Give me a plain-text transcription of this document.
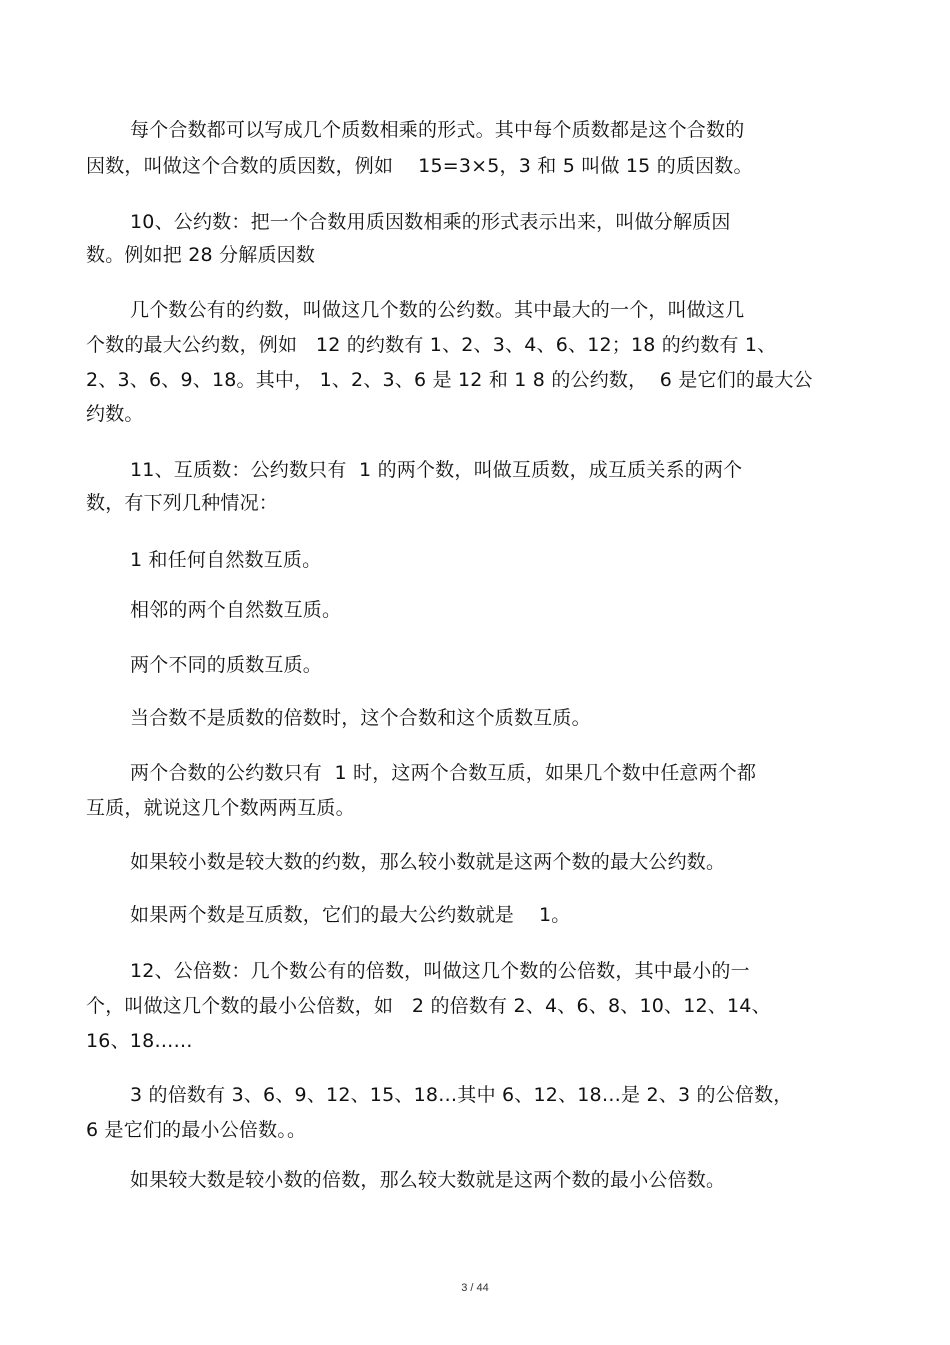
每个合数都可以写成几个质数相乘的形式。其中每个质数都是这个合数的
因数，叫做这个合数的质因数，例如    15=3×5，3 和 5 叫做 15 的质因数。
10、公约数：把一个合数用质因数相乘的形式表示出来，叫做分解质因
数。例如把 28 分解质因数
几个数公有的约数，叫做这几个数的公约数。其中最大的一个，叫做这几
个数的最大公约数，例如   12 的约数有 1、2、3、4、6、12；18 的约数有 1、
2、3、6、9、18。其中， 1、2、3、6 是 12 和 1 8 的公约数，  6 是它们的最大公
约数。
11、互质数：公约数只有  1 的两个数，叫做互质数，成互质关系的两个
数，有下列几种情况：
1 和任何自然数互质。
相邻的两个自然数互质。
两个不同的质数互质。
当合数不是质数的倍数时，这个合数和这个质数互质。
两个合数的公约数只有  1 时，这两个合数互质，如果几个数中任意两个都
互质，就说这几个数两两互质。
如果较小数是较大数的约数，那么较小数就是这两个数的最大公约数。
如果两个数是互质数，它们的最大公约数就是    1。
12、公倍数：几个数公有的倍数，叫做这几个数的公倍数，其中最小的一
个，叫做这几个数的最小公倍数，如   2 的倍数有 2、4、6、8、10、12、14、
16、18……
3 的倍数有 3、6、9、12、15、18…其中 6、12、18…是 2、3 的公倍数，
6 是它们的最小公倍数。。
如果较大数是较小数的倍数，那么较大数就是这两个数的最小公倍数。
3 / 44
